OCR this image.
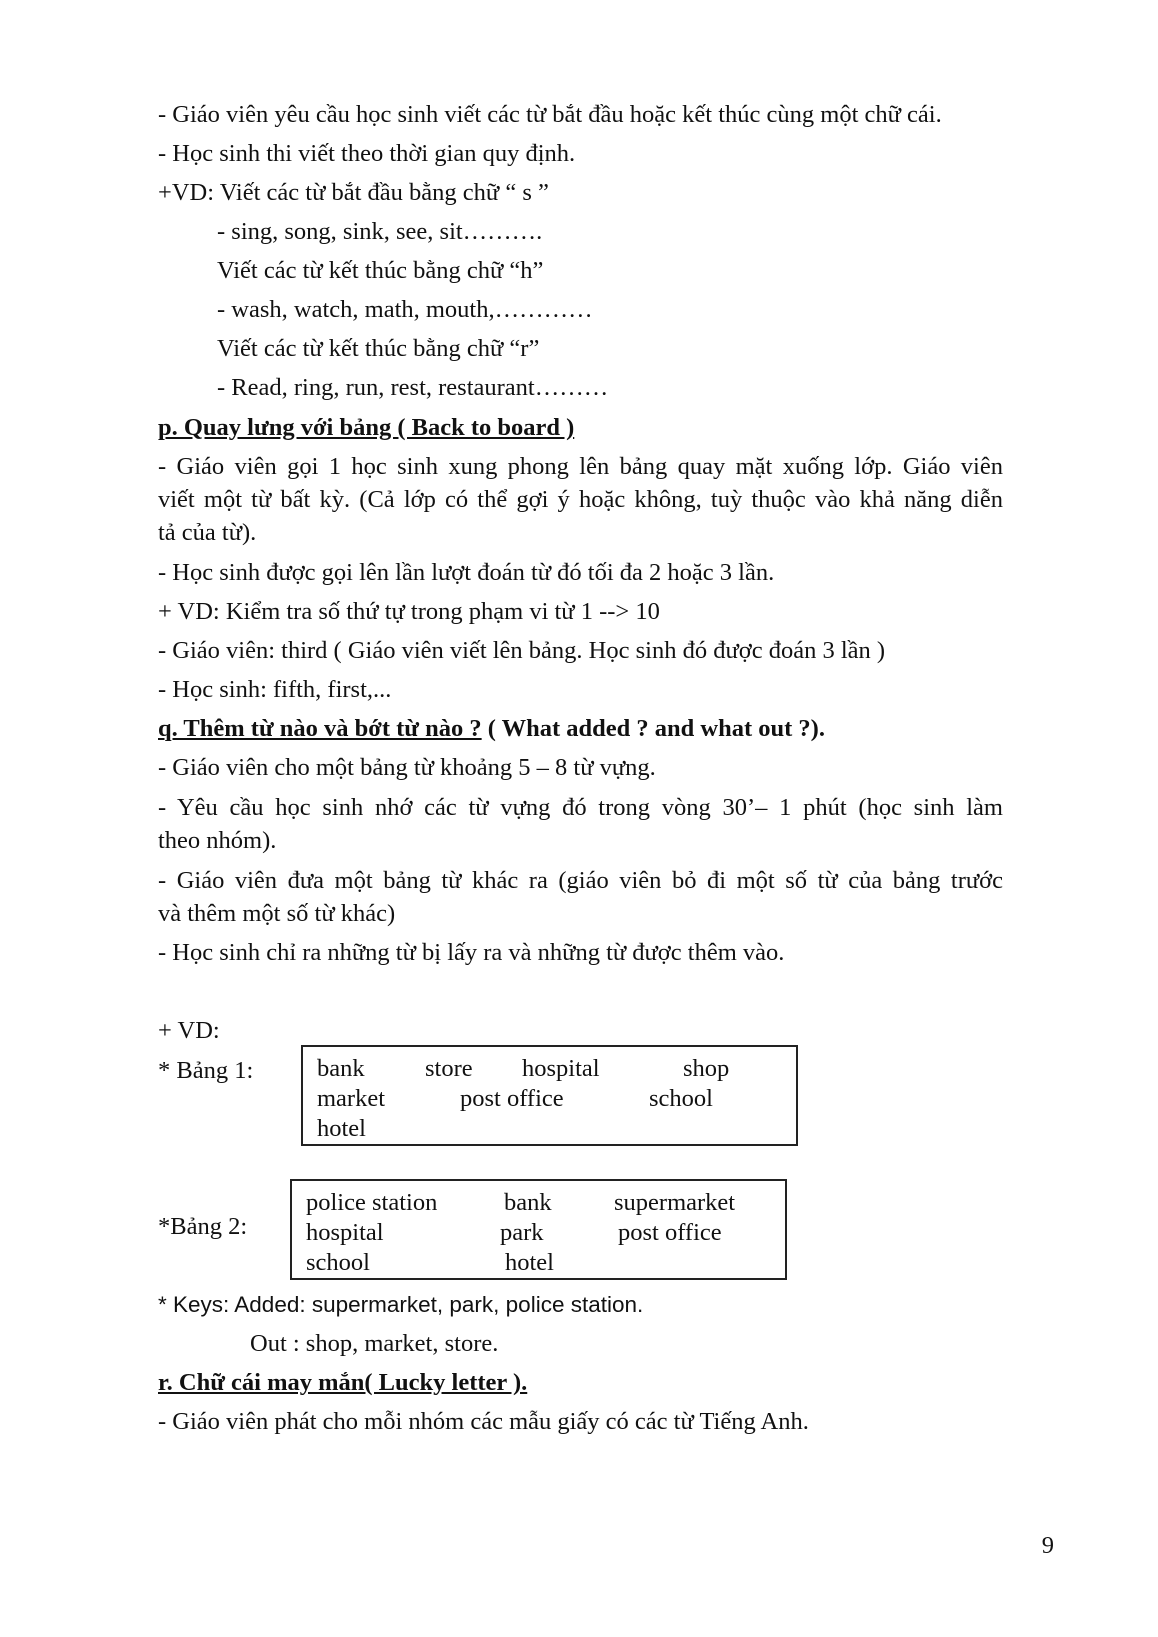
- Giáo viên yêu cầu học sinh viết các từ bắt đầu hoặc kết thúc cùng một chữ cái.
- Học sinh thi viết theo thời gian quy định.
+VD: Viết các từ bắt đầu bằng chữ “ s ”
- sing, song, sink, see, sit……….
Viết các từ kết thúc bằng chữ “h”
- wash, watch, math, mouth,…………
Viết các từ kết thúc bằng chữ “r”
- Read, ring, run, rest, restaurant………
p. Quay lưng với bảng ( Back to board )
- Giáo viên gọi 1 học sinh xung phong lên bảng quay mặt xuống lớp. Giáo viên
viết một từ bất kỳ. (Cả lớp có thể gợi ý hoặc không, tuỳ thuộc vào khả năng diễn
tả của từ).
- Học sinh được gọi lên lần lượt đoán từ đó tối đa 2 hoặc 3 lần.
+ VD: Kiểm tra số thứ tự trong phạm vi từ 1 --> 10
- Giáo viên: third ( Giáo viên viết lên bảng. Học sinh đó được đoán 3 lần )
- Học sinh: fifth, first,...
q. Thêm từ nào và bớt từ nào ? ( What added ? and what out ?).
- Giáo viên cho một bảng từ khoảng 5 – 8 từ vựng.
- Yêu cầu học sinh nhớ các từ vựng đó trong vòng 30’– 1 phút (học sinh làm
theo nhóm).
- Giáo viên đưa một bảng từ khác ra (giáo viên bỏ đi một số từ của bảng trước
và thêm một số từ khác)
- Học sinh chỉ ra những từ bị lấy ra và những từ được thêm vào.
+ VD:
* Bảng 1:	bank store hospital	shop
market	post office	school
hotel
*Bảng 2:
police station	bank	supermarket
hospital	park	post office
school	hotel
* Keys: Added: supermarket, park, police station.
Out : shop, market, store.
r. Chữ cái may mắn( Lucky letter ).
- Giáo viên phát cho mỗi nhóm các mẫu giấy có các từ Tiếng Anh.
9
